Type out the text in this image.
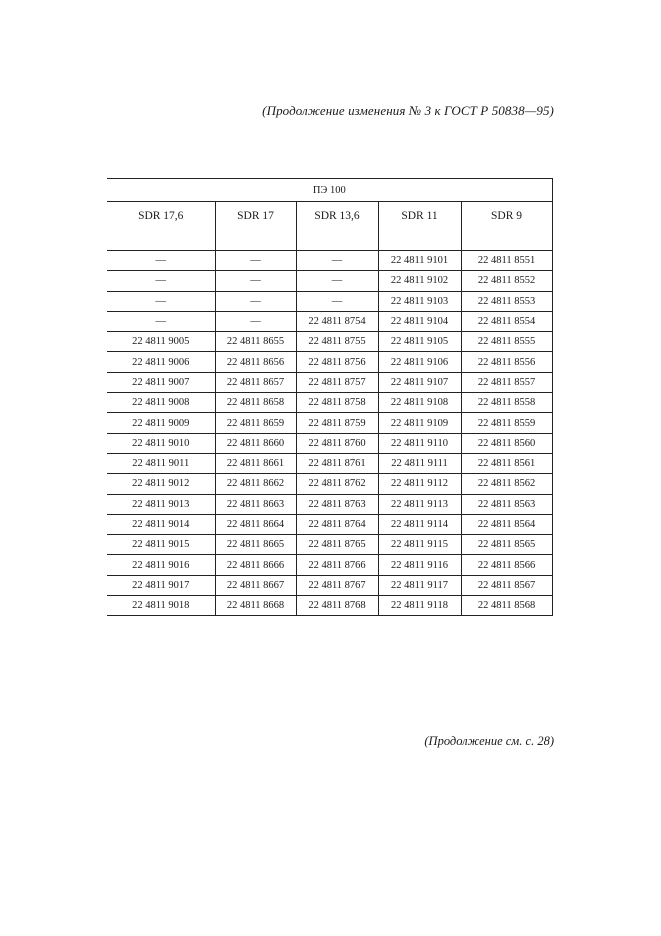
(Продолжение изменения № 3 к ГОСТ Р 50838—95)
ПЭ 100				
SDR 17,6	SDR 17	SDR 13,6	SDR 11	SDR 9
—	—	—	22 4811 9101	22 4811 8551
—	—	—	22 4811 9102	22 4811 8552
—	—	—	22 4811 9103	22 4811 8553
—	—	22 4811 8754	22 4811 9104	22 4811 8554
22 4811 9005	22 4811 8655	22 4811 8755	22 4811 9105	22 4811 8555
22 4811 9006	22 4811 8656	22 4811 8756	22 4811 9106	22 4811 8556
22 4811 9007	22 4811 8657	22 4811 8757	22 4811 9107	22 4811 8557
22 4811 9008	22 4811 8658	22 4811 8758	22 4811 9108	22 4811 8558
22 4811 9009	22 4811 8659	22 4811 8759	22 4811 9109	22 4811 8559
22 4811 9010	22 4811 8660	22 4811 8760	22 4811 9110	22 4811 8560
22 4811 9011	22 4811 8661	22 4811 8761	22 4811 9111	22 4811 8561
22 4811 9012	22 4811 8662	22 4811 8762	22 4811 9112	22 4811 8562
22 4811 9013	22 4811 8663	22 4811 8763	22 4811 9113	22 4811 8563
22 4811 9014	22 4811 8664	22 4811 8764	22 4811 9114	22 4811 8564
22 4811 9015	22 4811 8665	22 4811 8765	22 4811 9115	22 4811 8565
22 4811 9016	22 4811 8666	22 4811 8766	22 4811 9116	22 4811 8566
22 4811 9017	22 4811 8667	22 4811 8767	22 4811 9117	22 4811 8567
22 4811 9018	22 4811 8668	22 4811 8768	22 4811 9118	22 4811 8568
(Продолжение см. с. 28)
